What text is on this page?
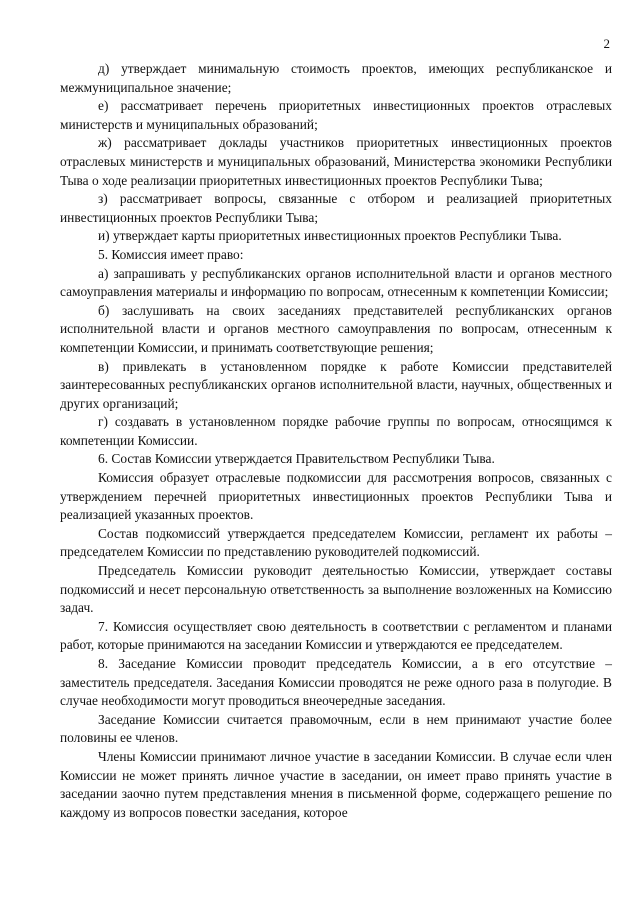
2

д) утверждает минимальную стоимость проектов, имеющих республиканское и межмуниципальное значение;

е) рассматривает перечень приоритетных инвестиционных проектов отраслевых министерств и муниципальных образований;

ж) рассматривает доклады участников приоритетных инвестиционных проектов отраслевых министерств и муниципальных образований, Министерства экономики Республики Тыва о ходе реализации приоритетных инвестиционных проектов Республики Тыва;

з) рассматривает вопросы, связанные с отбором и реализацией приоритетных инвестиционных проектов Республики Тыва;

и) утверждает карты приоритетных инвестиционных проектов Республики Тыва.

5. Комиссия имеет право:

а) запрашивать у республиканских органов исполнительной власти и органов местного самоуправления материалы и информацию по вопросам, отнесенным к компетенции Комиссии;

б) заслушивать на своих заседаниях представителей республиканских органов исполнительной власти и органов местного самоуправления по вопросам, отнесенным к компетенции Комиссии, и принимать соответствующие решения;

в) привлекать в установленном порядке к работе Комиссии представителей заинтересованных республиканских органов исполнительной власти, научных, общественных и других организаций;

г) создавать в установленном порядке рабочие группы по вопросам, относящимся к компетенции Комиссии.

6. Состав Комиссии утверждается Правительством Республики Тыва.

Комиссия образует отраслевые подкомиссии для рассмотрения вопросов, связанных с утверждением перечней приоритетных инвестиционных проектов Республики Тыва и реализацией указанных проектов.

Состав подкомиссий утверждается председателем Комиссии, регламент их работы – председателем Комиссии по представлению руководителей подкомиссий.

Председатель Комиссии руководит деятельностью Комиссии, утверждает составы подкомиссий и несет персональную ответственность за выполнение возложенных на Комиссию задач.

7. Комиссия осуществляет свою деятельность в соответствии с регламентом и планами работ, которые принимаются на заседании Комиссии и утверждаются ее председателем.

8. Заседание Комиссии проводит председатель Комиссии, а в его отсутствие – заместитель председателя. Заседания Комиссии проводятся не реже одного раза в полугодие. В случае необходимости могут проводиться внеочередные заседания.

Заседание Комиссии считается правомочным, если в нем принимают участие более половины ее членов.

Члены Комиссии принимают личное участие в заседании Комиссии. В случае если член Комиссии не может принять личное участие в заседании, он имеет право принять участие в заседании заочно путем представления мнения в письменной форме, содержащего решение по каждому из вопросов повестки заседания, которое
